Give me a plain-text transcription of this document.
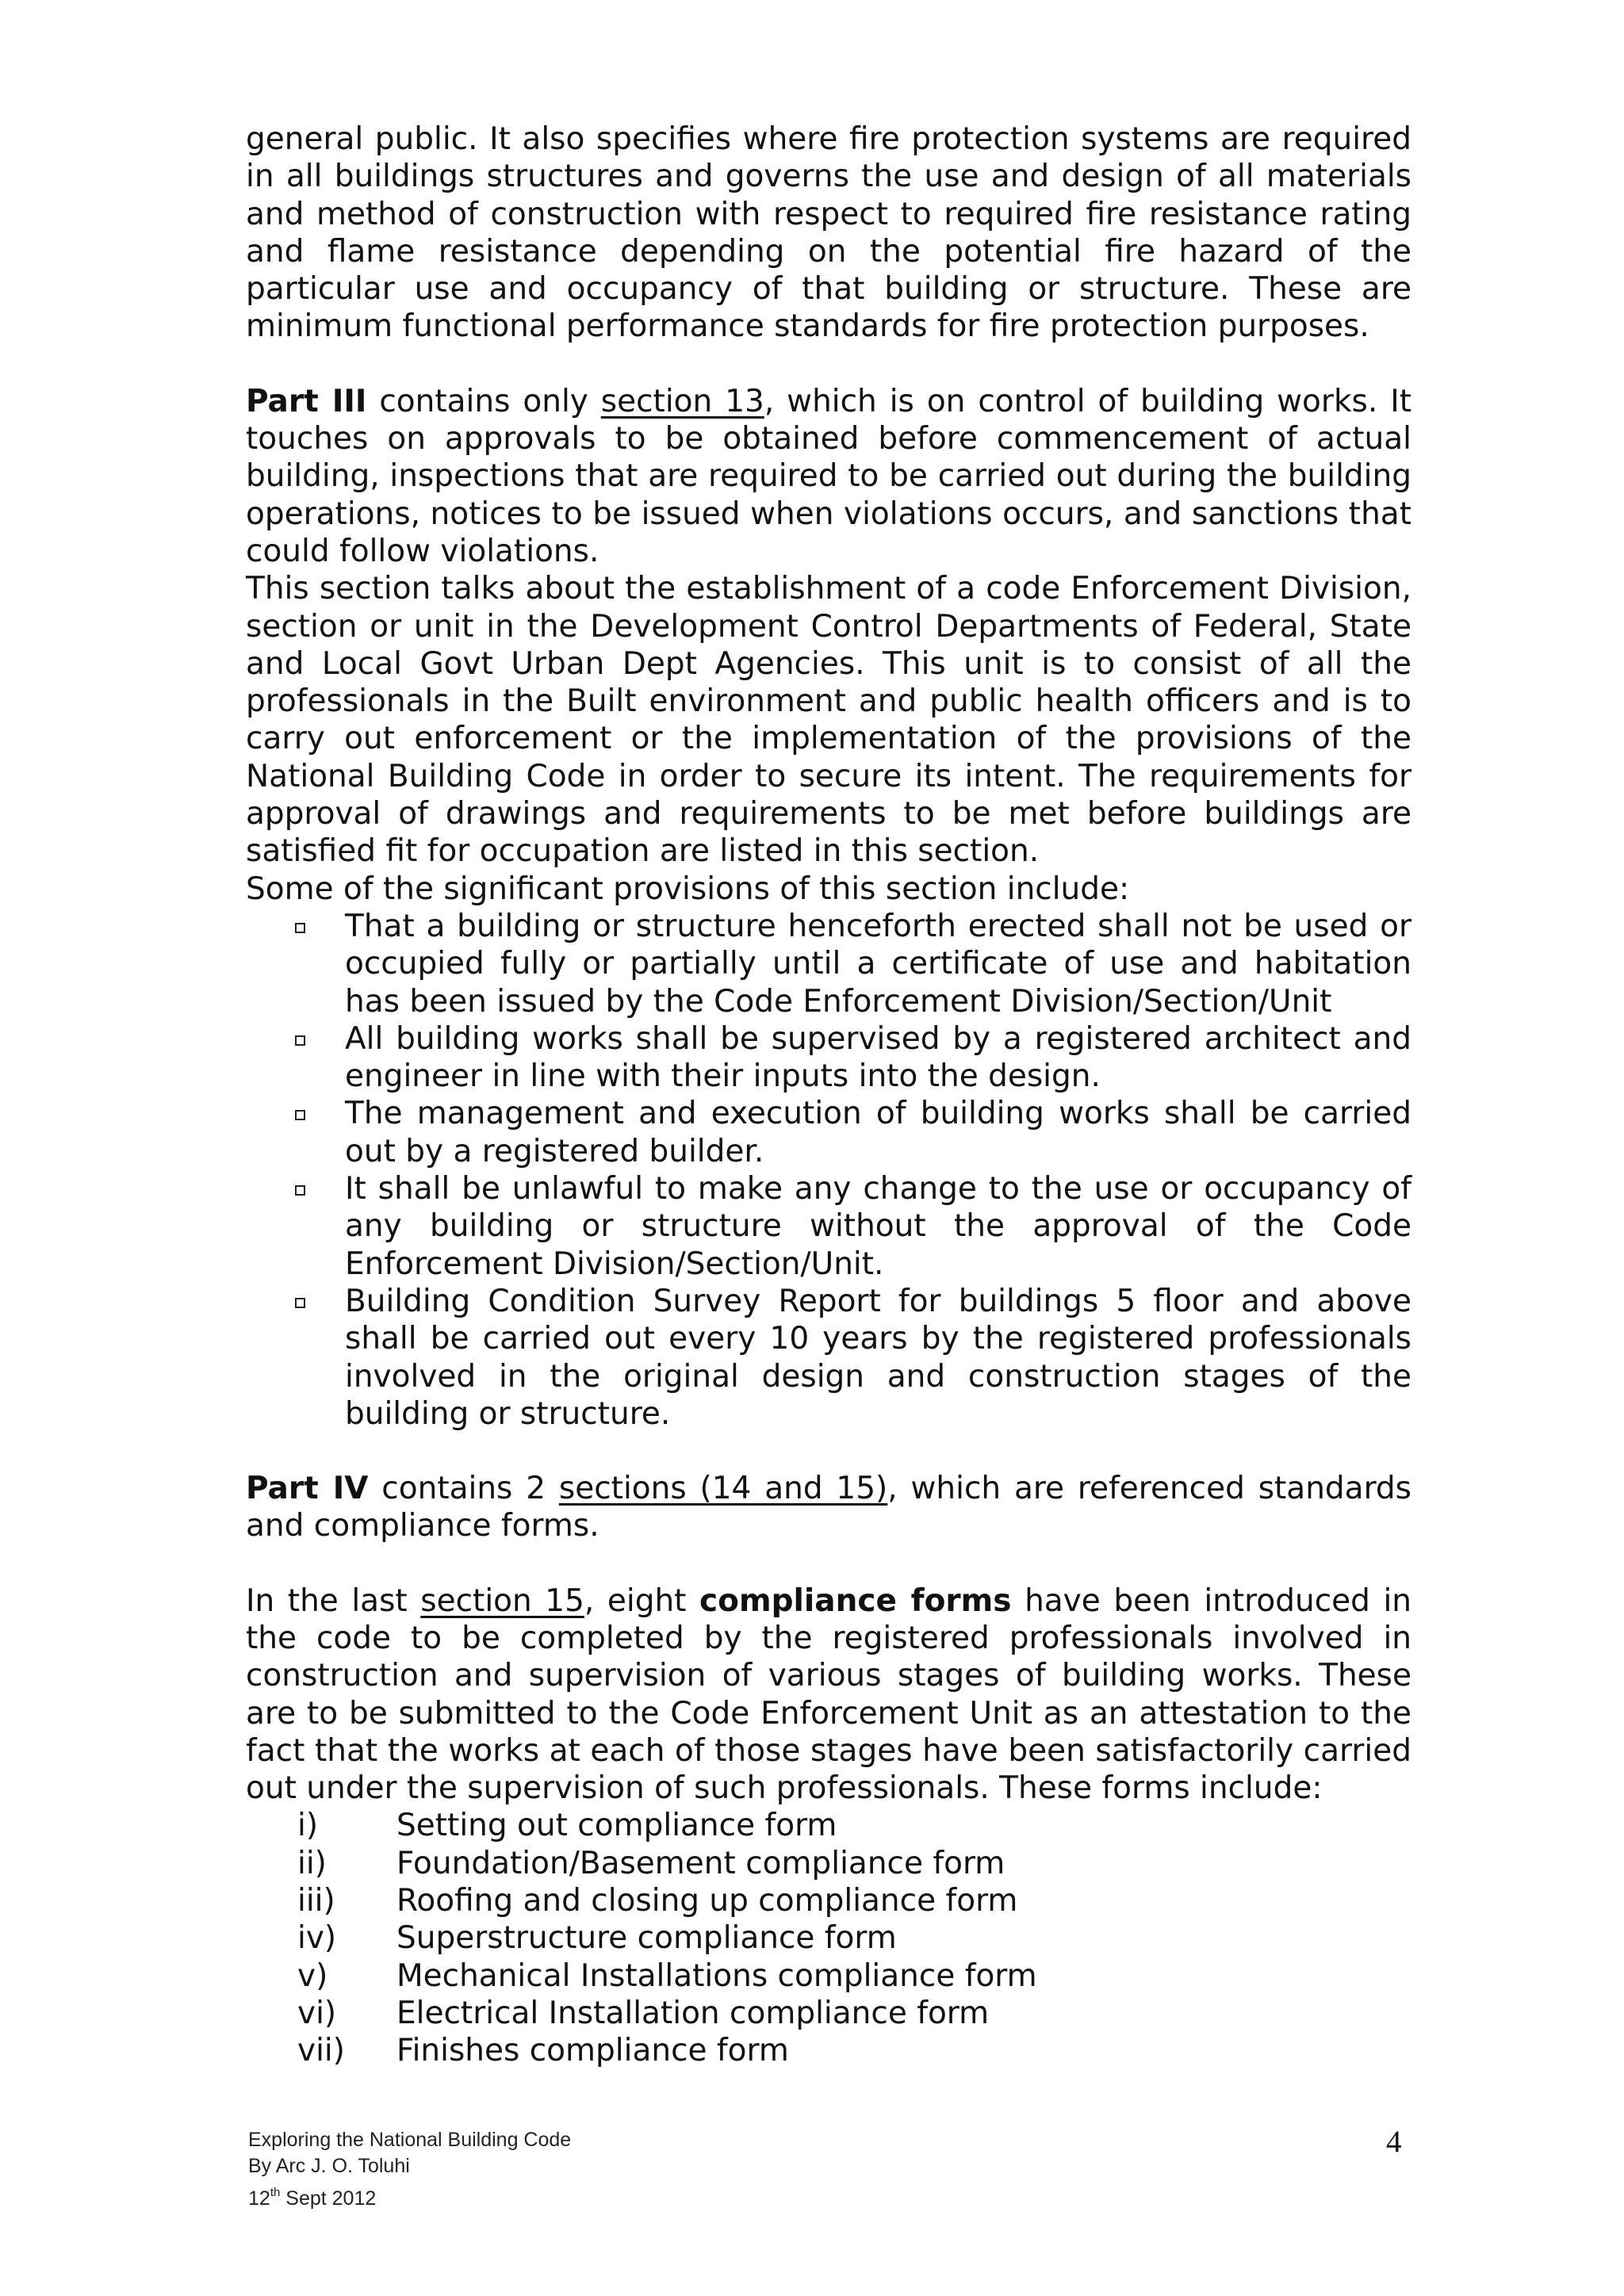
general public. It also specifies where fire protection systems are required in all buildings structures and governs the use and design of all materials and method of construction with respect to required fire resistance rating and flame resistance depending on the potential fire hazard of the particular use and occupancy of that building or structure. These are minimum functional performance standards for fire protection purposes.

Part III contains only section 13, which is on control of building works. It touches on approvals to be obtained before commencement of actual building, inspections that are required to be carried out during the building operations, notices to be issued when violations occurs, and sanctions that could follow violations.

This section talks about the establishment of a code Enforcement Division, section or unit in the Development Control Departments of Federal, State and Local Govt Urban Dept Agencies. This unit is to consist of all the professionals in the Built environment and public health officers and is to carry out enforcement or the implementation of the provisions of the National Building Code in order to secure its intent. The requirements for approval of drawings and requirements to be met before buildings are satisfied fit for occupation are listed in this section.

Some of the significant provisions of this section include:

That a building or structure henceforth erected shall not be used or occupied fully or partially until a certificate of use and habitation has been issued by the Code Enforcement Division/Section/Unit
All building works shall be supervised by a registered architect and engineer in line with their inputs into the design.
The management and execution of building works shall be carried out by a registered builder.
It shall be unlawful to make any change to the use or occupancy of any building or structure without the approval of the Code Enforcement Division/Section/Unit.
Building Condition Survey Report for buildings 5 floor and above shall be carried out every 10 years by the registered professionals involved in the original design and construction stages of the building or structure.

Part IV contains 2 sections (14 and 15), which are referenced standards and compliance forms.

In the last section 15, eight compliance forms have been introduced in the code to be completed by the registered professionals involved in construction and supervision of various stages of building works. These are to be submitted to the Code Enforcement Unit as an attestation to the fact that the works at each of those stages have been satisfactorily carried out under the supervision of such professionals. These forms include:

i)	Setting out compliance form
ii)	Foundation/Basement compliance form
iii)	Roofing and closing up compliance form
iv)	Superstructure compliance form
v)	Mechanical Installations compliance form
vi)	Electrical Installation compliance form
vii)	Finishes compliance form
Exploring the National Building Code
By Arc J. O. Toluhi
12th Sept 2012
4
